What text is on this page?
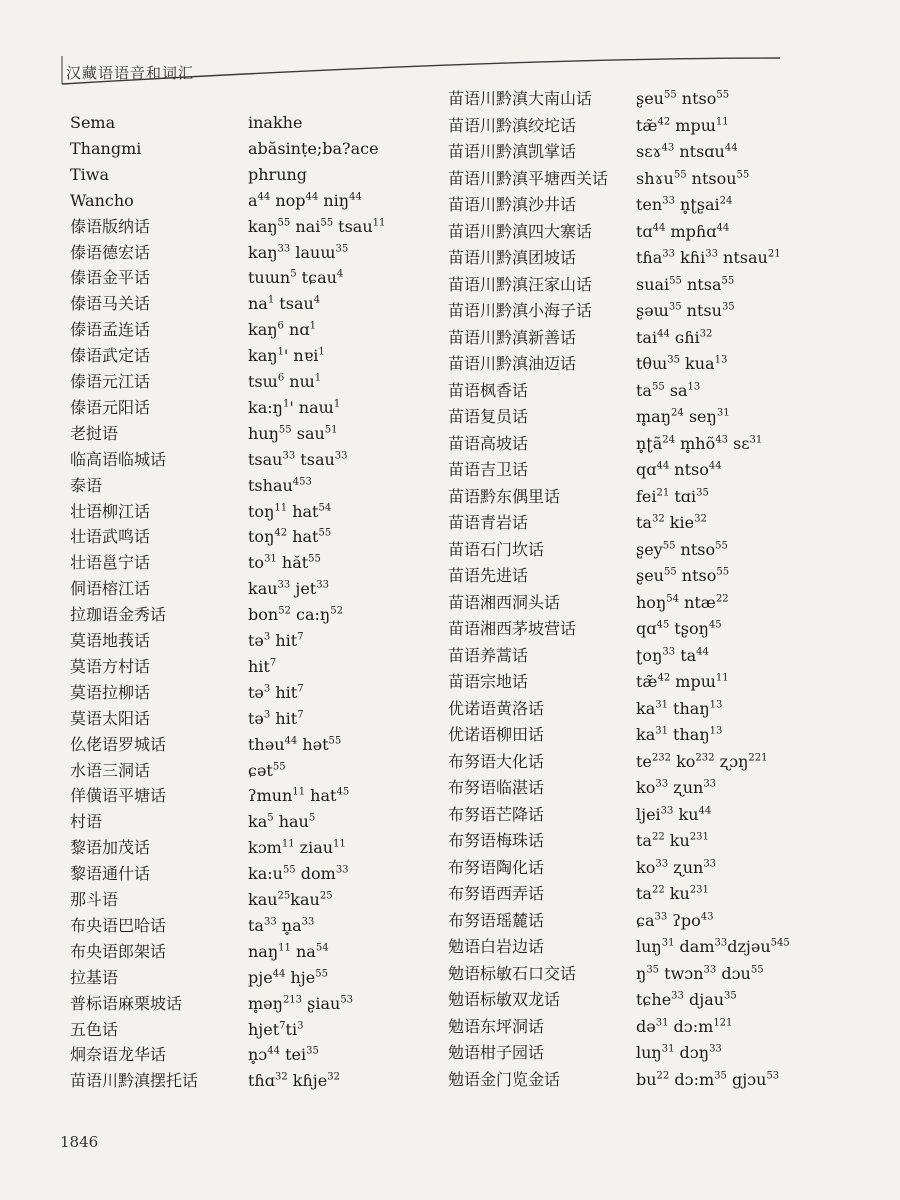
汉藏语语音和词汇
Sema	inakhe
Thangmi	abăsinṭe;ba?ace
Tiwa	phrung
Wancho	$a^{44}$ nop$^{44}$ niŋ$^{44}$
傣语版纳话	kaŋ$^{55}$ nai$^{55}$ tsau$^{11}$
傣语德宏话	kaŋ$^{33}$ lauɯ$^{35}$
傣语金平话	tuɯn$^5$ tɕau$^4$
傣语马关话	$na^1$ tsau$^4$
傣语孟连话	kaŋ$^6$ nɑ$^1$
傣语武定话	kaŋ$^1$' nɐi$^1$
傣语元江话	tsɯ$^6$ nɯ$^1$
傣语元阳话	$ka:ŋ^1'$ naɯ$^1$
老挝语	huŋ$^{55}$ sau$^{51}$
临高语临城话	tsau$^{33}$ tsau$^{33}$
泰语	tshau$^{453}$
壮语柳江话	toŋ$^{11}$ hat$^{54}$
壮语武鸣话	toŋ$^{42}$ hat$^{55}$
壮语邕宁话	$to^{31}$ hăt$^{55}$
侗语榕江话	kau$^{33}$ jet$^{33}$
拉珈语金秀话	bon$^{52}$ $ca:ŋ^{52}$
莫语地莪话	tə$^3$ hit$^7$
莫语方村话	hit$^7$
莫语拉柳话	tə$^3$ hit$^7$
莫语太阳话	tə$^3$ hit$^7$
仫佬语罗城话	thəu$^{44}$ hət$^{55}$
水语三洞话	ɕət$^{55}$
佯僙语平塘话	ʔmun$^{11}$ hat$^{45}$
村语	$ka^5$ hau$^5$
黎语加茂话	kɔm$^{11}$ ziau$^{11}$
黎语通什话	$ka:u^{55}$ dom$^{33}$
那斗语	kau$^{25}$kau$^{25}$
布央语巴哈话	$ta^{33}$ $n̥a^{33}$
布央语郎架话	naŋ$^{11}$ $na^{54}$
拉基语	pje$^{44}$ hje$^{55}$
普标语麻栗坡话	m̥əŋ$^{213}$ ʂiau$^{53}$
五色话	$hjet^7ti^3$
炯奈语龙华话	n̥ɔ$^{44}$ tei$^{35}$
苗语川黔滇摆托话	tɦɑ$^{32}$ kɦje$^{32}$
苗语川黔滇大南山话	ʂeu$^{55}$ ntso$^{55}$
苗语川黔滇绞坨话	tæ̃$^{42}$ mpɯ$^{11}$
苗语川黔滇凯掌话	sɛɤ$^{43}$ ntsɑu$^{44}$
苗语川黔滇平塘西关话 shɤu$^{55}$ ntsou$^{55}$
苗语川黔滇沙井话	ten$^{33}$ n̥ʈʂai$^{24}$
苗语川黔滇四大寨话	tɑ$^{44}$ mpɦɑ$^{44}$
苗语川黔滇团坡话	tɦa$^{33}$ kɦi$^{33}$ ntsau$^{21}$
苗语川黔滇汪家山话	suai$^{55}$ ntsa$^{55}$
苗语川黔滇小海子话	ʂəɯ$^{35}$ ntsu$^{35}$
苗语川黔滇新善话	tai$^{44}$ ɢɦi$^{32}$
苗语川黔滇油迈话	tθɯ$^{35}$ kua$^{13}$
苗语枫香话	$ta^{55}$ $sa^{13}$
苗语复员话	$m̥aŋ^{24}$ seŋ$^{31}$
苗语高坡话	n̥ʈã$^{24}$ $m̥hõ^{43}$ sɛ$^{31}$
苗语吉卫话	qɑ$^{44}$ ntso$^{44}$
苗语黔东偶里话	fei$^{21}$ tɑi$^{35}$
苗语青岩话	$ta^{32}$ kie$^{32}$
苗语石门坎话	ʂey$^{55}$ ntso$^{55}$
苗语先进话	ʂeu$^{55}$ ntso$^{55}$
苗语湘西洞头话	hoŋ$^{54}$ ntæ$^{22}$
苗语湘西茅坡营话	qɑ$^{45}$ tʂoŋ$^{45}$
苗语养蒿话	ʈoŋ$^{33}$ $ta^{44}$
苗语宗地话	tæ̃$^{42}$ mpɯ$^{11}$
优诺语黄洛话	$ka^{31}$ thaŋ$^{13}$
优诺语柳田话	$ka^{31}$ thaŋ$^{13}$
布努语大化话	$te^{232}$ $ko^{232}$ ʐɔŋ$^{221}$
布努语临湛话	$ko^{33}$ ʐun$^{33}$
布努语芒降话	ljei$^{33}$ $ku^{44}$
布努语梅珠话	$ta^{22}$ $ku^{231}$
布努语陶化话	$ko^{33}$ ʐun$^{33}$
布努语西弄话	$ta^{22}$ $ku^{231}$
布努语瑶麓话	ɕa$^{33}$ ʔpo$^{43}$
勉语白岩边话	luŋ$^{31}$ dam$^{33}$dzjəu$^{545}$
勉语标敏石口交话	$ŋ^{35}$ twɔn$^{33}$ dɔu$^{55}$
勉语标敏双龙话	tɕhe$^{33}$ djau$^{35}$
勉语东坪洞话	də$^{31}$ $dɔ:m^{121}$
勉语柑子园话	luŋ$^{31}$ dɔŋ$^{33}$
勉语金门览金话	$bu^{22}$ $dɔ:m^{35}$ gjɔu$^{53}$
1846
